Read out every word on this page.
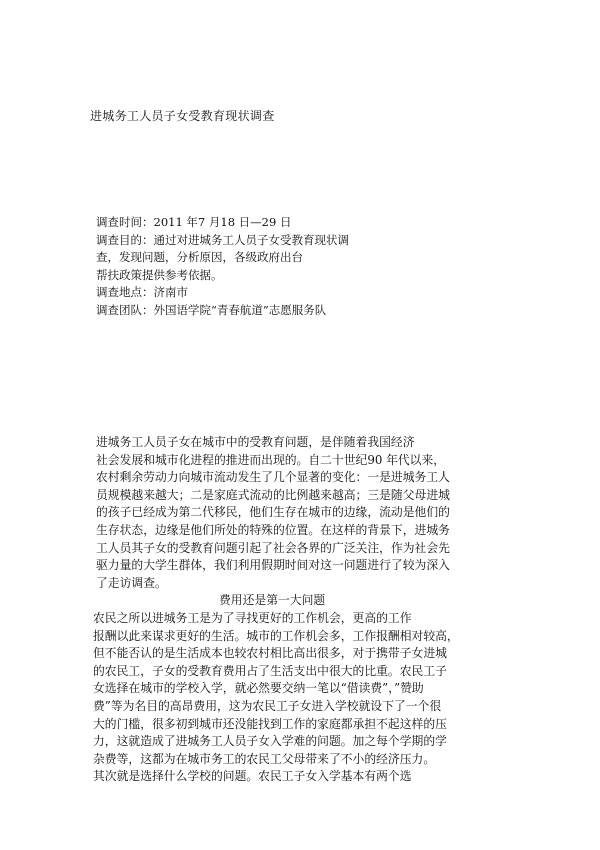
进城务工人员子女受教育现状调查
调查时间：2011 年7 月18 日—29 日
调查目的：通过对进城务工人员子女受教育现状调
查，发现问题，分析原因，各级政府出台
帮扶政策提供参考依据。
调查地点：济南市
调查团队：外国语学院“青春航道”志愿服务队
进城务工人员子女在城市中的受教育问题，是伴随着我国经济
社会发展和城市化进程的推进而出现的。自二十世纪90 年代以来，
农村剩余劳动力向城市流动发生了几个显著的变化：一是进城务工人
员规模越来越大；二是家庭式流动的比例越来越高；三是随父母进城
的孩子已经成为第二代移民，他们生存在城市的边缘，流动是他们的
生存状态，边缘是他们所处的特殊的位置。在这样的背景下，进城务
工人员其子女的受教育问题引起了社会各界的广泛关注，作为社会先
驱力量的大学生群体，我们利用假期时间对这一问题进行了较为深入
了走访调查。
费用还是第一大问题
农民之所以进城务工是为了寻找更好的工作机会，更高的工作
报酬以此来谋求更好的生活。城市的工作机会多，工作报酬相对较高，
但不能否认的是生活成本也较农村相比高出很多，对于携带子女进城
的农民工，子女的受教育费用占了生活支出中很大的比重。农民工子
女选择在城市的学校入学，就必然要交纳一笔以“借读费”，”赞助
费”等为名目的高昂费用，这为农民工子女进入学校就设下了一个很
大的门槛，很多初到城市还没能找到工作的家庭都承担不起这样的压
力，这就造成了进城务工人员子女入学难的问题。加之每个学期的学
杂费等，这都为在城市务工的农民工父母带来了不小的经济压力。
其次就是选择什么学校的问题。农民工子女入学基本有两个选
